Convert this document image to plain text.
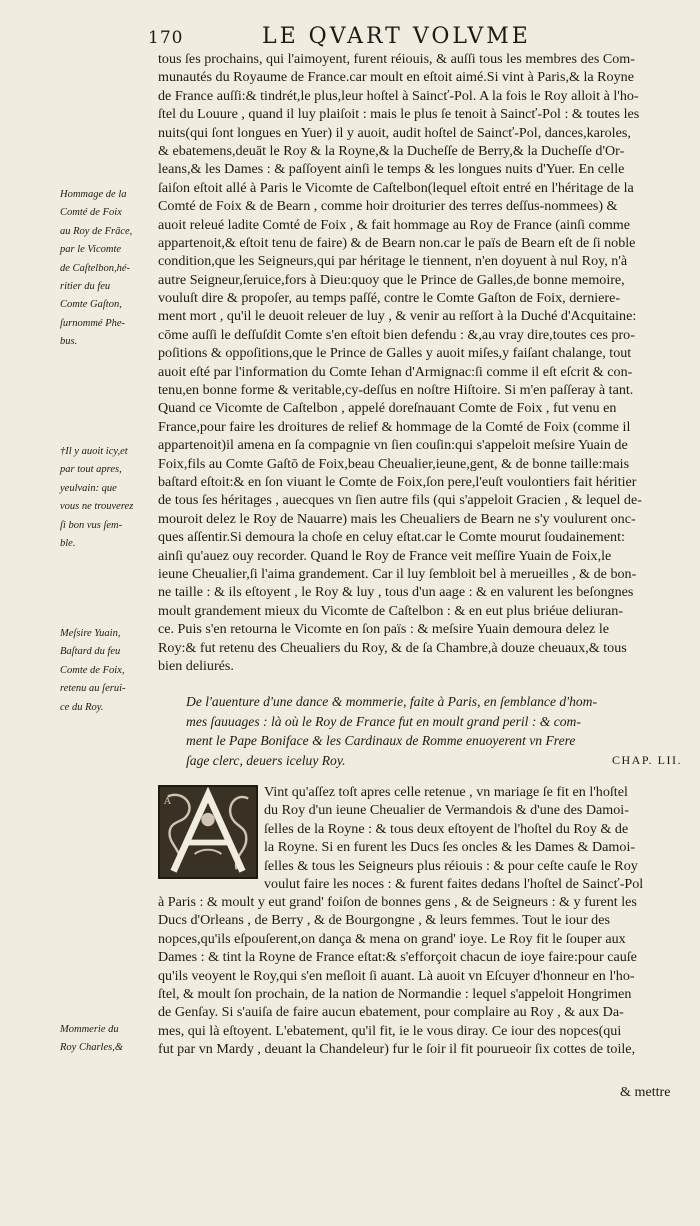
170	LE QVART VOLVME
Hommage de la
Comté de Foix
au Roy de Frāce,
par le Vicomte
de Caſtelbon,hé-
ritier du feu
Comte Gaſton,
ſurnommé Phe-
bus.
†Il y auoit icy,et
par tout apres,
yeulvain: que
vous ne trouverez
ſi bon vus ſem-
ble.
Meſsire Yuain,
Baſtard du feu
Comte de Foix,
retenu au ſerui-
ce du Roy.
Mommerie du
Roy Charles,&
tous ſes prochains, qui l'aimoyent, furent réiouis, & auſſi tous les membres des Com-
munautés du Royaume de France.car moult en eſtoit aimé.Si vint à Paris,& la Royne
de France auſſi:& tindrét,le plus,leur hoſtel à Saincť-Pol. A la fois le Roy alloit à l'ho-
ſtel du Louure , quand il luy plaiſoit : mais le plus ſe tenoit à Saincť-Pol : & toutes les
nuits(qui ſont longues en Yuer) il y auoit, audit hoſtel de Saincť-Pol, dances,karoles,
& ebatemens,deuāt le Roy & la Royne,& la Ducheſſe de Berry,& la Ducheſſe d'Or-
leans,& les Dames : & paſſoyent ainſi le temps & les longues nuits d'Yuer. En celle
ſaiſon eſtoit allé à Paris le Vicomte de Caſtelbon(lequel eſtoit entré en l'héritage de la
Comté de Foix & de Bearn , comme hoir droiturier des terres deſſus-nommees) &
auoit releué ladite Comté de Foix , & fait hommage au Roy de France (ainſi comme
appartenoit,& eſtoit tenu de faire) & de Bearn non.car le païs de Bearn eſt de ſi noble
condition,que les Seigneurs,qui par héritage le tiennent, n'en doyuent à nul Roy, n'à
autre Seigneur,ſeruice,fors à Dieu:quoy que le Prince de Galles,de bonne memoire,
vouluſt dire & propoſer, au temps paſſé, contre le Comte Gaſton de Foix, derniere-
ment mort , qu'il le deuoit releuer de luy , & venir au reſſort à la Duché d'Acquitaine:
cōme auſſi le deſſuſdit Comte s'en eſtoit bien defendu : &,au vray dire,toutes ces pro-
poſitions & oppoſitions,que le Prince de Galles y auoit miſes,y faiſant chalange, tout
auoit eſté par l'information du Comte Iehan d'Armignac:ſi comme il eſt eſcrit & con-
tenu,en bonne forme & veritable,cy-deſſus en noſtre Hiſtoire. Si m'en paſſeray à tant.
Quand ce Vicomte de Caſtelbon , appelé doreſnauant Comte de Foix , fut venu en
France,pour faire les droitures de relief & hommage de la Comté de Foix (comme il
appartenoit)il amena en ſa compagnie vn ſien couſin:qui s'appeloit meſsire Yuain de
Foix,fils au Comte Gaſtō de Foix,beau Cheualier,ieune,gent, & de bonne taille:mais
baſtard eſtoit:& en ſon viuant le Comte de Foix,ſon pere,l'euſt voulontiers fait héritier
de tous ſes héritages , auecques vn ſien autre fils (qui s'appeloit Gracien , & lequel de-
mouroit delez le Roy de Nauarre) mais les Cheualiers de Bearn ne s'y voulurent onc-
ques aſſentir.Si demoura la choſe en celuy eſtat.car le Comte mourut ſoudainement:
ainſi qu'auez ouy recorder. Quand le Roy de France veit meſſire Yuain de Foix,le
ieune Cheualier,ſi l'aima grandement. Car il luy ſembloit bel à merueilles , & de bon-
ne taille : & ils eſtoyent , le Roy & luy , tous d'un aage : & en valurent les beſongnes
moult grandement mieux du Vicomte de Caſtelbon : & en eut plus briéue deliuran-
ce. Puis s'en retourna le Vicomte en ſon païs : & meſsire Yuain demoura delez le
Roy:& fut retenu des Cheualiers du Roy, & de ſa Chambre,à douze cheuaux,& tous
bien deliurés.
De l'auenture d'une dance & mommerie, faite à Paris, en ſemblance d'hom-
mes ſauuages : là où le Roy de France fut en moult grand peril : & com-
ment le Pape Boniface & les Cardinaux de Romme enuoyerent vn Frere
ſage clerc, deuers iceluy Roy.	CHAP. LII.
A
Vint qu'aſſez toſt apres celle retenue , vn mariage ſe fit en l'hoſtel
du Roy d'un ieune Cheualier de Vermandois & d'une des Damoi-
ſelles de la Royne : & tous deux eſtoyent de l'hoſtel du Roy & de
la Royne. Si en furent les Ducs ſes oncles & les Dames & Damoi-
ſelles & tous les Seigneurs plus réiouis : & pour ceſte cauſe le Roy
voulut faire les noces : & furent faites dedans l'hoſtel de Saincť-Pol
à Paris : & moult y eut grand' foiſon de bonnes gens , & de Seigneurs : & y furent les
Ducs d'Orleans , de Berry , & de Bourgongne , & leurs femmes. Tout le iour des
nopces,qu'ils eſpouſerent,on dança & mena on grand' ioye. Le Roy fit le ſouper aux
Dames : & tint la Royne de France eſtat:& s'efforçoit chacun de ioye faire:pour cauſe
qu'ils veoyent le Roy,qui s'en meſloit ſi auant. Là auoit vn Eſcuyer d'honneur en l'ho-
ſtel, & moult ſon prochain, de la nation de Normandie : lequel s'appeloit Hongrimen
de Genſay. Si s'auiſa de faire aucun ebatement, pour complaire au Roy , & aux Da-
mes, qui là eſtoyent. L'ebatement, qu'il fit, ie le vous diray. Ce iour des nopces(qui
fut par vn Mardy , deuant la Chandeleur) fur le ſoir il fit pourueoir ſix cottes de toile,
& mettre
